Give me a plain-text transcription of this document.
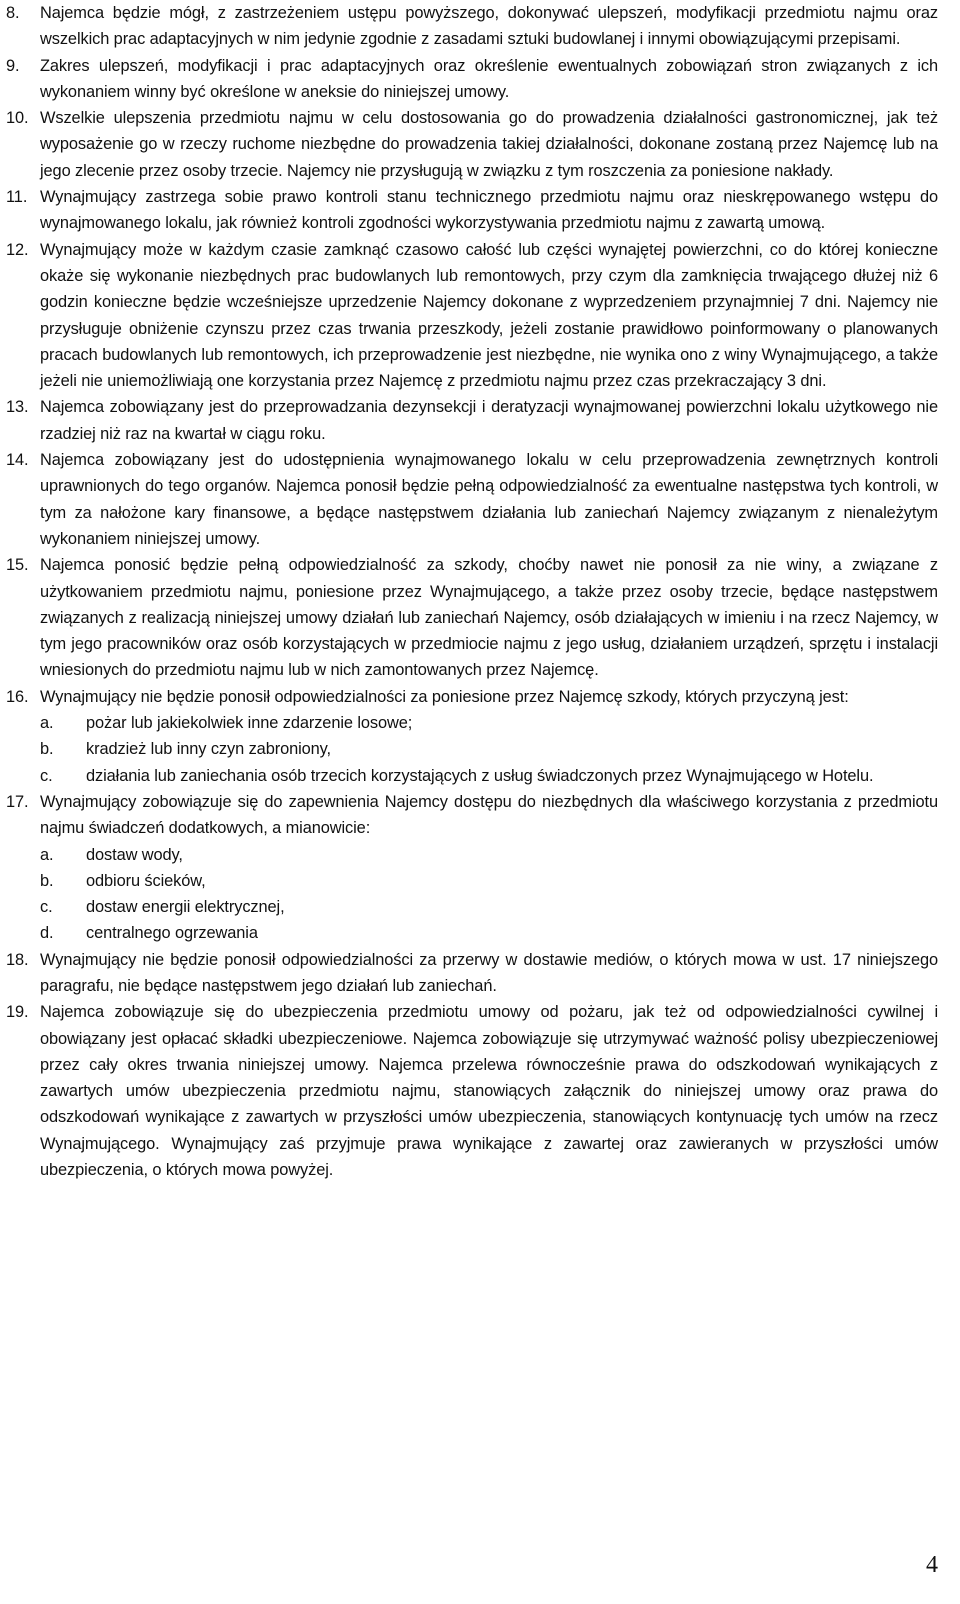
8.	Najemca będzie mógł, z zastrzeżeniem ustępu powyższego, dokonywać ulepszeń, modyfikacji przedmiotu najmu oraz wszelkich prac adaptacyjnych w nim jedynie zgodnie z zasadami sztuki budowlanej i innymi obowiązującymi przepisami.
9.	Zakres ulepszeń, modyfikacji i prac adaptacyjnych oraz określenie ewentualnych zobowiązań stron związanych z ich wykonaniem winny być określone w aneksie do niniejszej umowy.
10. Wszelkie ulepszenia przedmiotu najmu w celu dostosowania go do prowadzenia działalności gastronomicznej, jak też wyposażenie go w rzeczy ruchome niezbędne do prowadzenia takiej działalności, dokonane zostaną przez Najemcę lub na jego zlecenie przez osoby trzecie. Najemcy nie przysługują w związku z tym roszczenia za poniesione nakłady.
11. Wynajmujący zastrzega sobie prawo kontroli stanu technicznego przedmiotu najmu oraz nieskrępowanego wstępu do wynajmowanego lokalu, jak również kontroli zgodności wykorzystywania przedmiotu najmu z zawartą umową.
12. Wynajmujący może w każdym czasie zamknąć czasowo całość lub części wynajętej powierzchni, co do której konieczne okaże się wykonanie niezbędnych prac budowlanych lub remontowych, przy czym dla zamknięcia trwającego dłużej niż 6 godzin konieczne będzie wcześniejsze uprzedzenie Najemcy dokonane z wyprzedzeniem przynajmniej 7 dni. Najemcy nie przysługuje obniżenie czynszu przez czas trwania przeszkody, jeżeli zostanie prawidłowo poinformowany o planowanych pracach budowlanych lub remontowych, ich przeprowadzenie jest niezbędne, nie wynika ono z winy Wynajmującego, a także jeżeli nie uniemożliwiają one korzystania przez Najemcę z przedmiotu najmu przez czas przekraczający 3 dni.
13. Najemca zobowiązany jest do przeprowadzania dezynsekcji i deratyzacji wynajmowanej powierzchni lokalu użytkowego nie rzadziej niż raz na kwartał w ciągu roku.
14. Najemca zobowiązany jest do udostępnienia wynajmowanego lokalu w celu przeprowadzenia zewnętrznych kontroli uprawnionych do tego organów. Najemca ponosił będzie pełną odpowiedzialność za ewentualne następstwa tych kontroli, w tym za nałożone kary finansowe, a będące następstwem działania lub zaniechań Najemcy związanym z nienależytym wykonaniem niniejszej umowy.
15. Najemca ponosić będzie pełną odpowiedzialność za szkody, choćby nawet nie ponosił za nie winy, a związane z użytkowaniem przedmiotu najmu, poniesione przez Wynajmującego, a także przez osoby trzecie, będące następstwem związanych z realizacją niniejszej umowy działań lub zaniechań Najemcy, osób działających w imieniu i na rzecz Najemcy, w tym jego pracowników oraz osób korzystających w przedmiocie najmu z jego usług, działaniem urządzeń, sprzętu i instalacji wniesionych do przedmiotu najmu lub w nich zamontowanych przez Najemcę.
16. Wynajmujący nie będzie ponosił odpowiedzialności za poniesione przez Najemcę szkody, których przyczyną jest:
a.	pożar lub jakiekolwiek inne zdarzenie losowe;
b.	kradzież lub inny czyn zabroniony,
c.	działania lub zaniechania osób trzecich korzystających z usług świadczonych przez Wynajmującego w Hotelu.
17. Wynajmujący zobowiązuje się do zapewnienia Najemcy dostępu do niezbędnych dla właściwego korzystania z przedmiotu najmu świadczeń dodatkowych, a mianowicie:
a.	dostaw wody,
b.	odbioru ścieków,
c.	dostaw energii elektrycznej,
d.	centralnego ogrzewania
18. Wynajmujący nie będzie ponosił odpowiedzialności za przerwy w dostawie mediów, o których mowa w ust. 17 niniejszego paragrafu, nie będące następstwem jego działań lub zaniechań.
19. Najemca zobowiązuje się do ubezpieczenia przedmiotu umowy od pożaru, jak też od odpowiedzialności cywilnej i obowiązany jest opłacać składki ubezpieczeniowe. Najemca zobowiązuje się utrzymywać ważność polisy ubezpieczeniowej przez cały okres trwania niniejszej umowy. Najemca przelewa równocześnie prawa do odszkodowań wynikających z zawartych umów ubezpieczenia przedmiotu najmu, stanowiących załącznik do niniejszej umowy oraz prawa do odszkodowań wynikające z zawartych w przyszłości umów ubezpieczenia, stanowiących kontynuację tych umów na rzecz Wynajmującego. Wynajmujący zaś przyjmuje prawa wynikające z zawartej oraz zawieranych w przyszłości umów ubezpieczenia, o których mowa powyżej.
4
